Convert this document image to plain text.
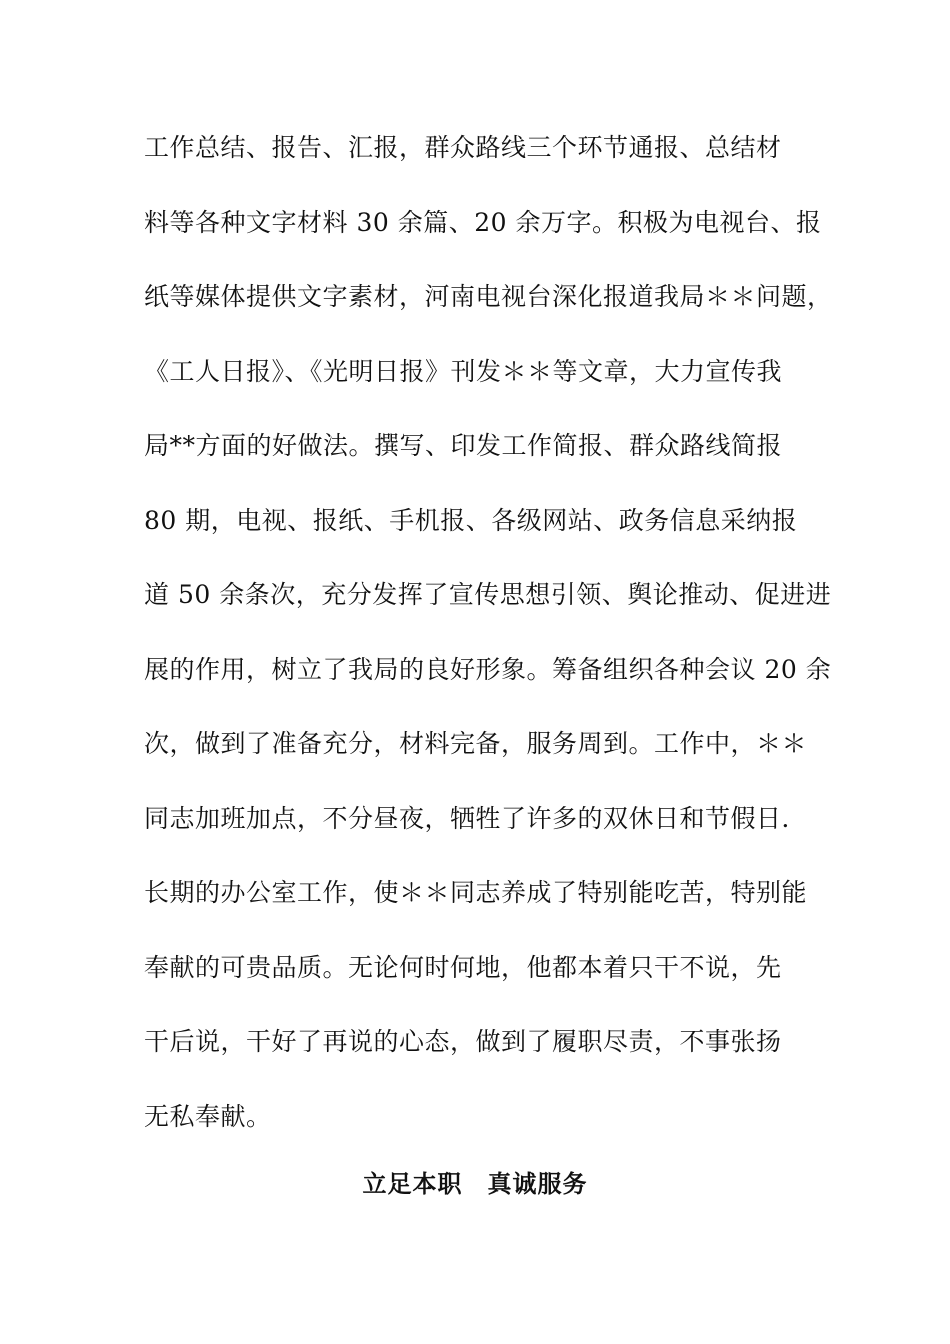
工作总结、报告、汇报，群众路线三个环节通报、总结材
料等各种文字材料 30 余篇、20 余万字。积极为电视台、报
纸等媒体提供文字素材，河南电视台深化报道我局＊＊问题，
《工人日报》、《光明日报》刊发＊＊等文章，大力宣传我
局**方面的好做法。撰写、印发工作简报、群众路线简报
80 期，电视、报纸、手机报、各级网站、政务信息采纳报
道 50 余条次，充分发挥了宣传思想引领、舆论推动、促进进
展的作用，树立了我局的良好形象。筹备组织各种会议 20 余
次，做到了准备充分，材料完备，服务周到。工作中，＊＊
同志加班加点，不分昼夜，牺牲了许多的双休日和节假日．
长期的办公室工作，使＊＊同志养成了特别能吃苦，特别能
奉献的可贵品质。无论何时何地，他都本着只干不说，先
干后说，干好了再说的心态，做到了履职尽责，不事张扬
无私奉献。
立足本职　真诚服务
